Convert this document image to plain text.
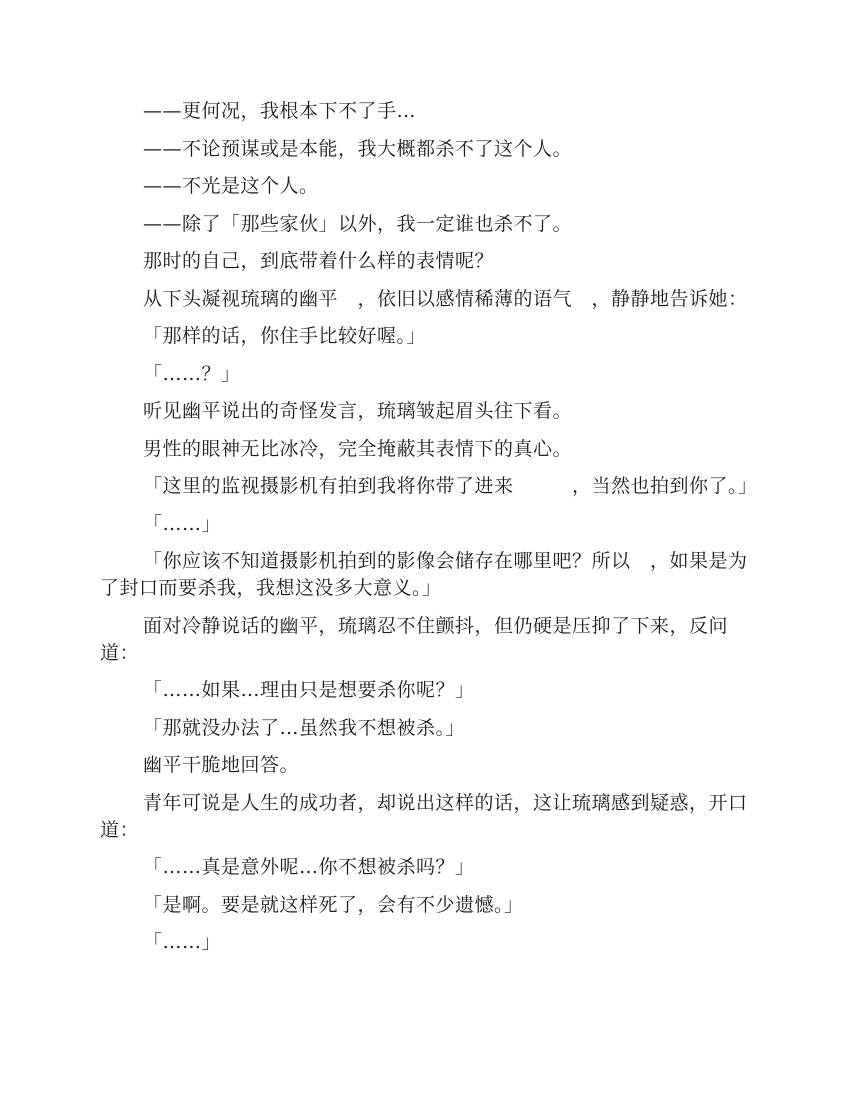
——更何况，我根本下不了手…

——不论预谋或是本能，我大概都杀不了这个人。

——不光是这个人。

——除了「那些家伙」以外，我一定谁也杀不了。

那时的自己，到底带着什么样的表情呢？

从下头凝视琉璃的幽平　，依旧以感情稀薄的语气　，静静地告诉她：

「那样的话，你住手比较好喔。」

「……？」

听见幽平说出的奇怪发言，琉璃皱起眉头往下看。

男性的眼神无比冰冷，完全掩蔽其表情下的真心。

「这里的监视摄影机有拍到我将你带了进来　　　，当然也拍到你了。」

「……」

「你应该不知道摄影机拍到的影像会储存在哪里吧？所以　，如果是为了封口而要杀我，我想这没多大意义。」

面对冷静说话的幽平，琉璃忍不住颤抖，但仍硬是压抑了下来，反问道：

「……如果…理由只是想要杀你呢？」

「那就没办法了…虽然我不想被杀。」

幽平干脆地回答。

青年可说是人生的成功者，却说出这样的话，这让琉璃感到疑惑，开口道：

「……真是意外呢…你不想被杀吗？」

「是啊。要是就这样死了，会有不少遗憾。」

「……」
